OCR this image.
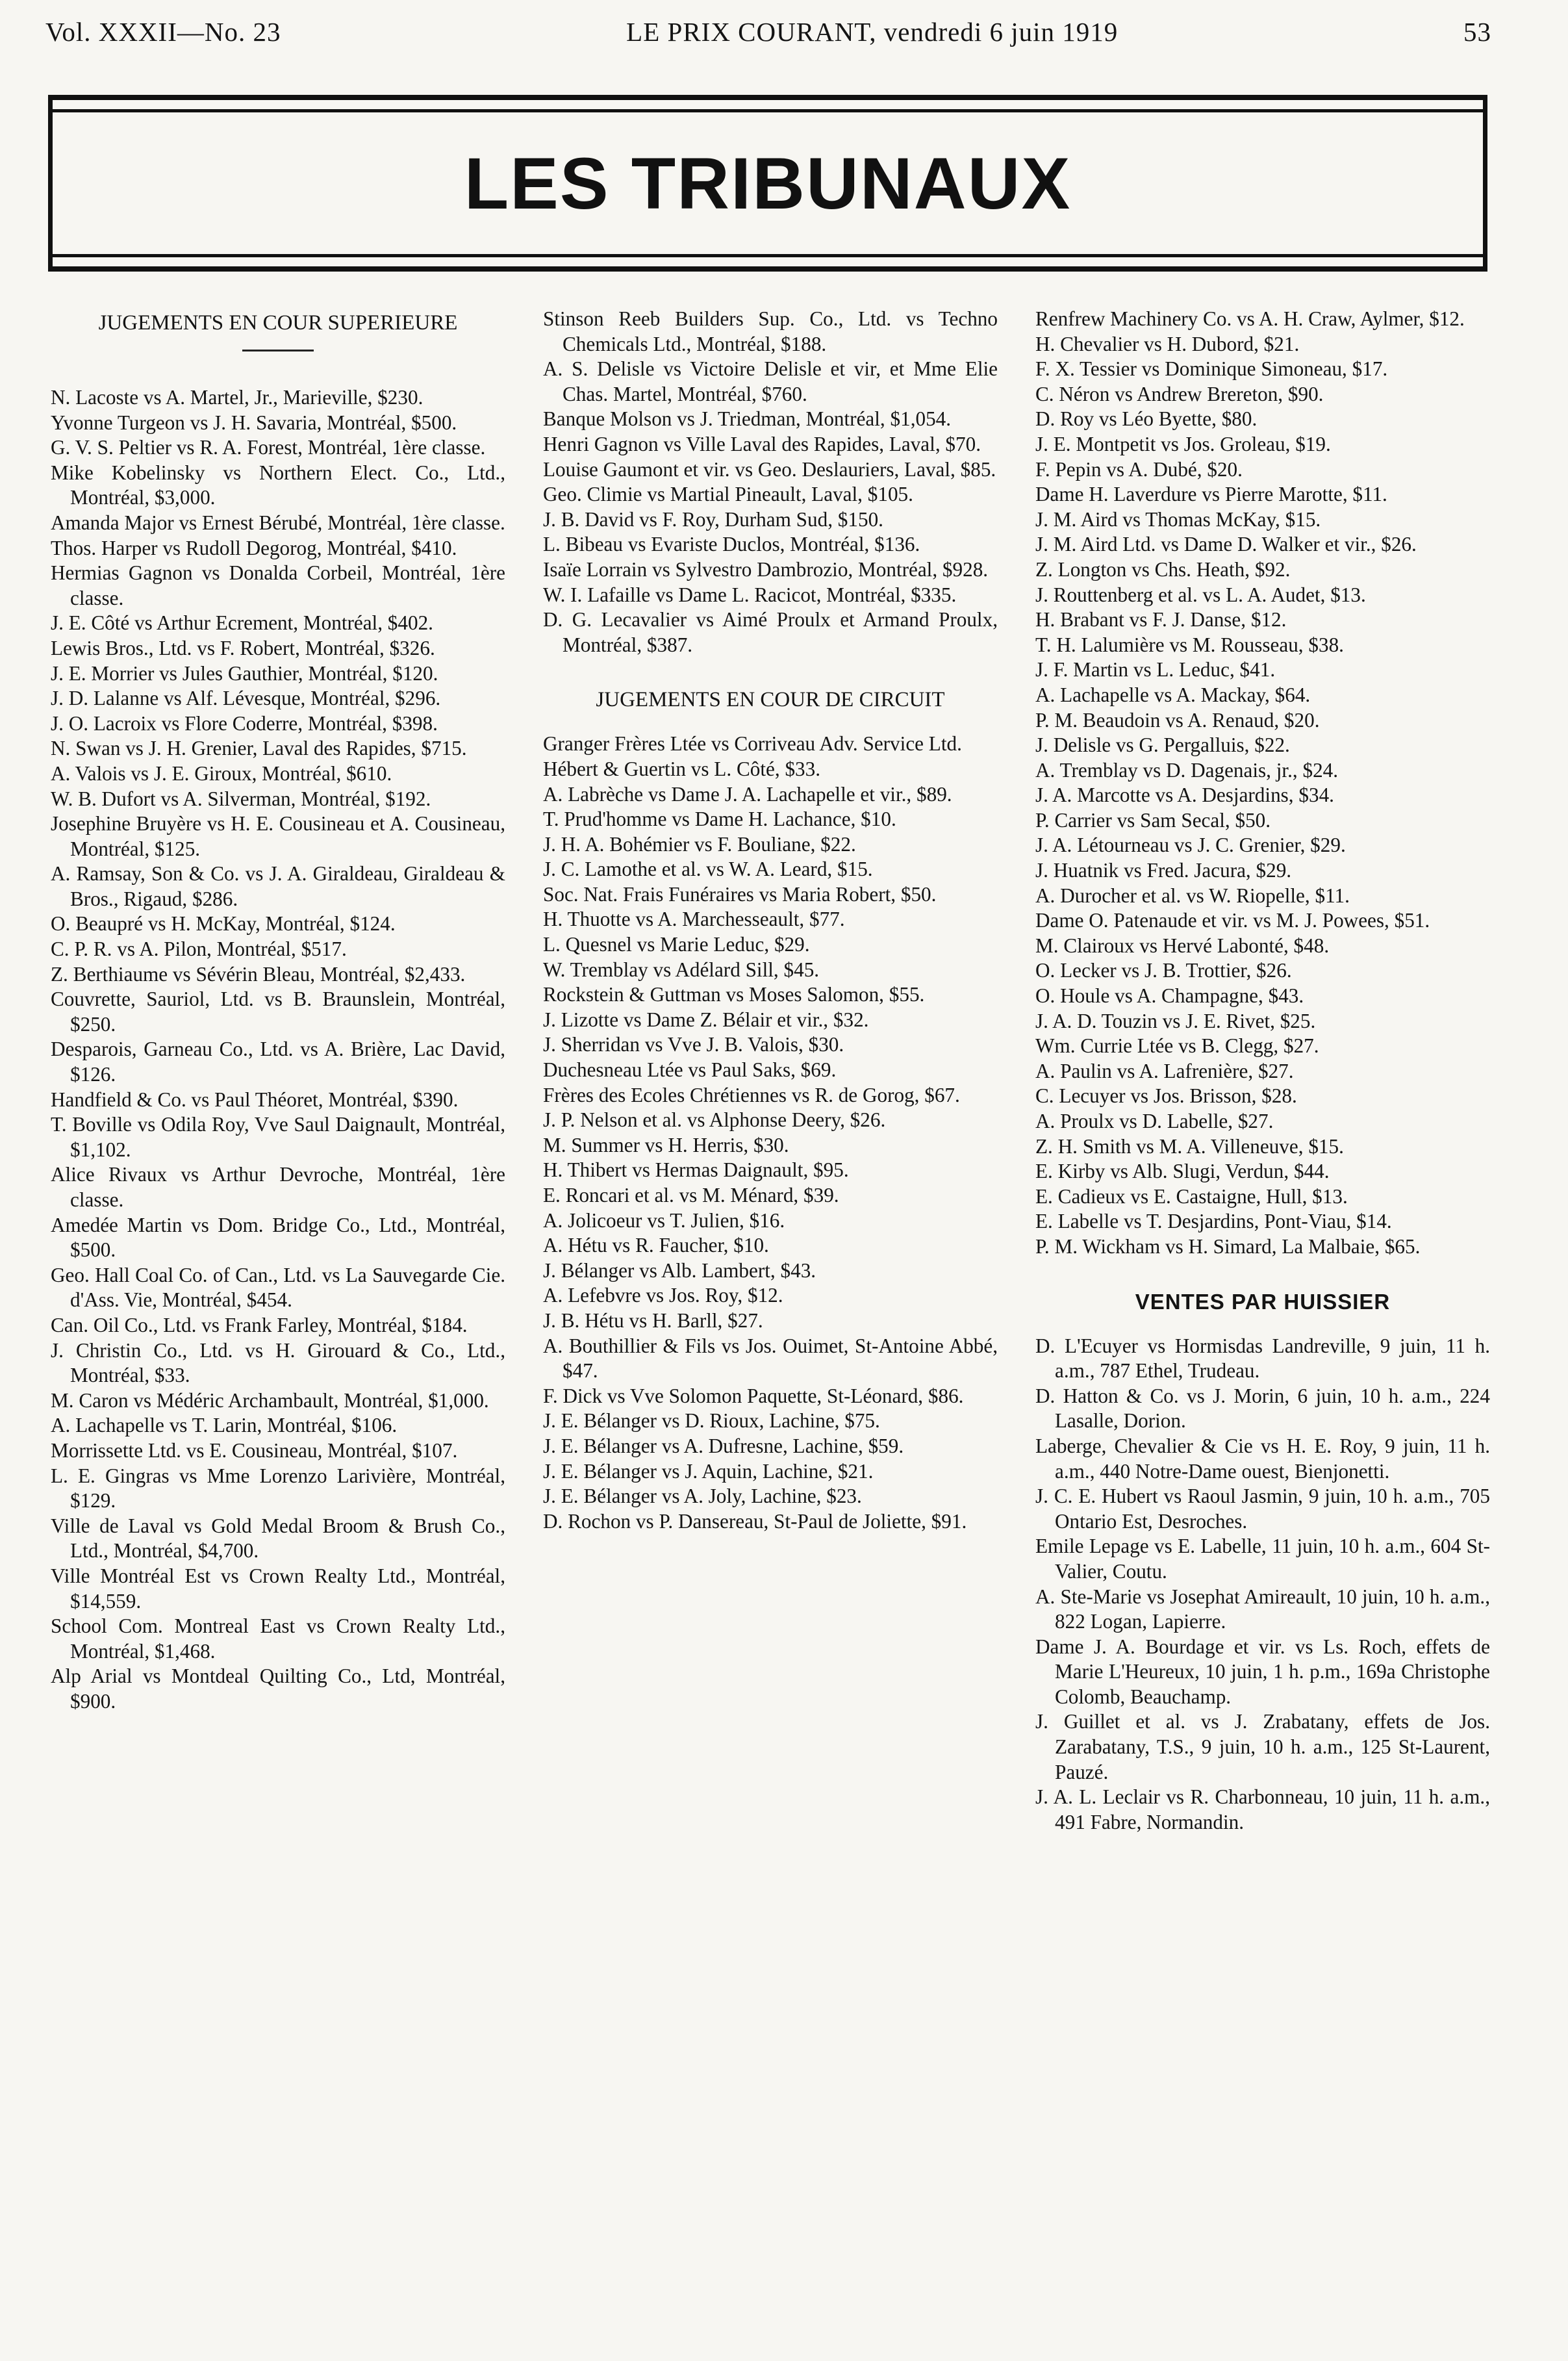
Vol. XXXII—No. 23	LE PRIX COURANT, vendredi 6 juin 1919	53
LES TRIBUNAUX
JUGEMENTS EN COUR SUPERIEURE
N. Lacoste vs A. Martel, Jr., Marieville, $230.
Yvonne Turgeon vs J. H. Savaria, Montréal, $500.
G. V. S. Peltier vs R. A. Forest, Montréal, 1ère classe.
Mike Kobelinsky vs Northern Elect. Co., Ltd., Montréal, $3,000.
Amanda Major vs Ernest Bérubé, Montréal, 1ère classe.
Thos. Harper vs Rudoll Degorog, Montréal, $410.
Hermias Gagnon vs Donalda Corbeil, Montréal, 1ère classe.
J. E. Côté vs Arthur Ecrement, Montréal, $402.
Lewis Bros., Ltd. vs F. Robert, Montréal, $326.
J. E. Morrier vs Jules Gauthier, Montréal, $120.
J. D. Lalanne vs Alf. Lévesque, Montréal, $296.
J. O. Lacroix vs Flore Coderre, Montréal, $398.
N. Swan vs J. H. Grenier, Laval des Rapides, $715.
A. Valois vs J. E. Giroux, Montréal, $610.
W. B. Dufort vs A. Silverman, Montréal, $192.
Josephine Bruyère vs H. E. Cousineau et A. Cousineau, Montréal, $125.
A. Ramsay, Son & Co. vs J. A. Giraldeau, Giraldeau & Bros., Rigaud, $286.
O. Beaupré vs H. McKay, Montréal, $124.
C. P. R. vs A. Pilon, Montréal, $517.
Z. Berthiaume vs Sévérin Bleau, Montréal, $2,433.
Couvrette, Sauriol, Ltd. vs B. Braunslein, Montréal, $250.
Desparois, Garneau Co., Ltd. vs A. Brière, Lac David, $126.
Handfield & Co. vs Paul Théoret, Montréal, $390.
T. Boville vs Odila Roy, Vve Saul Daignault, Montréal, $1,102.
Alice Rivaux vs Arthur Devroche, Montréal, 1ère classe.
Amedée Martin vs Dom. Bridge Co., Ltd., Montréal, $500.
Geo. Hall Coal Co. of Can., Ltd. vs La Sauvegarde Cie. d'Ass. Vie, Montréal, $454.
Can. Oil Co., Ltd. vs Frank Farley, Montréal, $184.
J. Christin Co., Ltd. vs H. Girouard & Co., Ltd., Montréal, $33.
M. Caron vs Médéric Archambault, Montréal, $1,000.
A. Lachapelle vs T. Larin, Montréal, $106.
Morrissette Ltd. vs E. Cousineau, Montréal, $107.
L. E. Gingras vs Mme Lorenzo Larivière, Montréal, $129.
Ville de Laval vs Gold Medal Broom & Brush Co., Ltd., Montréal, $4,700.
Ville Montréal Est vs Crown Realty Ltd., Montréal, $14,559.
School Com. Montreal East vs Crown Realty Ltd., Montréal, $1,468.
Alp Arial vs Montdeal Quilting Co., Ltd, Montréal, $900.
Stinson Reeb Builders Sup. Co., Ltd. vs Techno Chemicals Ltd., Montréal, $188.
A. S. Delisle vs Victoire Delisle et vir, et Mme Elie Chas. Martel, Montréal, $760.
Banque Molson vs J. Triedman, Montréal, $1,054.
Henri Gagnon vs Ville Laval des Rapides, Laval, $70.
Louise Gaumont et vir. vs Geo. Deslauriers, Laval, $85.
Geo. Climie vs Martial Pineault, Laval, $105.
J. B. David vs F. Roy, Durham Sud, $150.
L. Bibeau vs Evariste Duclos, Montréal, $136.
Isaïe Lorrain vs Sylvestro Dambrozio, Montréal, $928.
W. I. Lafaille vs Dame L. Racicot, Montréal, $335.
D. G. Lecavalier vs Aimé Proulx et Armand Proulx, Montréal, $387.
JUGEMENTS EN COUR DE CIRCUIT
Granger Frères Ltée vs Corriveau Adv. Service Ltd.
Hébert & Guertin vs L. Côté, $33.
A. Labrèche vs Dame J. A. Lachapelle et vir., $89.
T. Prud'homme vs Dame H. Lachance, $10.
J. H. A. Bohémier vs F. Bouliane, $22.
J. C. Lamothe et al. vs W. A. Leard, $15.
Soc. Nat. Frais Funéraires vs Maria Robert, $50.
H. Thuotte vs A. Marchesseault, $77.
L. Quesnel vs Marie Leduc, $29.
W. Tremblay vs Adélard Sill, $45.
Rockstein & Guttman vs Moses Salomon, $55.
J. Lizotte vs Dame Z. Bélair et vir., $32.
J. Sherridan vs Vve J. B. Valois, $30.
Duchesneau Ltée vs Paul Saks, $69.
Frères des Ecoles Chrétiennes vs R. de Gorog, $67.
J. P. Nelson et al. vs Alphonse Deery, $26.
M. Summer vs H. Herris, $30.
H. Thibert vs Hermas Daignault, $95.
E. Roncari et al. vs M. Ménard, $39.
A. Jolicoeur vs T. Julien, $16.
A. Hétu vs R. Faucher, $10.
J. Bélanger vs Alb. Lambert, $43.
A. Lefebvre vs Jos. Roy, $12.
J. B. Hétu vs H. Barll, $27.
A. Bouthillier & Fils vs Jos. Ouimet, St-Antoine Abbé, $47.
F. Dick vs Vve Solomon Paquette, St-Léonard, $86.
J. E. Bélanger vs D. Rioux, Lachine, $75.
J. E. Bélanger vs A. Dufresne, Lachine, $59.
J. E. Bélanger vs J. Aquin, Lachine, $21.
J. E. Bélanger vs A. Joly, Lachine, $23.
D. Rochon vs P. Dansereau, St-Paul de Joliette, $91.
Renfrew Machinery Co. vs A. H. Craw, Aylmer, $12.
H. Chevalier vs H. Dubord, $21.
F. X. Tessier vs Dominique Simoneau, $17.
C. Néron vs Andrew Brereton, $90.
D. Roy vs Léo Byette, $80.
J. E. Montpetit vs Jos. Groleau, $19.
F. Pepin vs A. Dubé, $20.
Dame H. Laverdure vs Pierre Marotte, $11.
J. M. Aird vs Thomas McKay, $15.
J. M. Aird Ltd. vs Dame D. Walker et vir., $26.
Z. Longton vs Chs. Heath, $92.
J. Routtenberg et al. vs L. A. Audet, $13.
H. Brabant vs F. J. Danse, $12.
T. H. Lalumière vs M. Rousseau, $38.
J. F. Martin vs L. Leduc, $41.
A. Lachapelle vs A. Mackay, $64.
P. M. Beaudoin vs A. Renaud, $20.
J. Delisle vs G. Pergalluis, $22.
A. Tremblay vs D. Dagenais, jr., $24.
J. A. Marcotte vs A. Desjardins, $34.
P. Carrier vs Sam Secal, $50.
J. A. Létourneau vs J. C. Grenier, $29.
J. Huatnik vs Fred. Jacura, $29.
A. Durocher et al. vs W. Riopelle, $11.
Dame O. Patenaude et vir. vs M. J. Powees, $51.
M. Clairoux vs Hervé Labonté, $48.
O. Lecker vs J. B. Trottier, $26.
O. Houle vs A. Champagne, $43.
J. A. D. Touzin vs J. E. Rivet, $25.
Wm. Currie Ltée vs B. Clegg, $27.
A. Paulin vs A. Lafrenière, $27.
C. Lecuyer vs Jos. Brisson, $28.
A. Proulx vs D. Labelle, $27.
Z. H. Smith vs M. A. Villeneuve, $15.
E. Kirby vs Alb. Slugi, Verdun, $44.
E. Cadieux vs E. Castaigne, Hull, $13.
E. Labelle vs T. Desjardins, Pont-Viau, $14.
P. M. Wickham vs H. Simard, La Malbaie, $65.
VENTES PAR HUISSIER
D. L'Ecuyer vs Hormisdas Landreville, 9 juin, 11 h. a.m., 787 Ethel, Trudeau.
D. Hatton & Co. vs J. Morin, 6 juin, 10 h. a.m., 224 Lasalle, Dorion.
Laberge, Chevalier & Cie vs H. E. Roy, 9 juin, 11 h. a.m., 440 Notre-Dame ouest, Bienjonetti.
J. C. E. Hubert vs Raoul Jasmin, 9 juin, 10 h. a.m., 705 Ontario Est, Desroches.
Emile Lepage vs E. Labelle, 11 juin, 10 h. a.m., 604 St-Valier, Coutu.
A. Ste-Marie vs Josephat Amireault, 10 juin, 10 h. a.m., 822 Logan, Lapierre.
Dame J. A. Bourdage et vir. vs Ls. Roch, effets de Marie L'Heureux, 10 juin, 1 h. p.m., 169a Christophe Colomb, Beauchamp.
J. Guillet et al. vs J. Zrabatany, effets de Jos. Zarabatany, T.S., 9 juin, 10 h. a.m., 125 St-Laurent, Pauzé.
J. A. L. Leclair vs R. Charbonneau, 10 juin, 11 h. a.m., 491 Fabre, Normandin.
